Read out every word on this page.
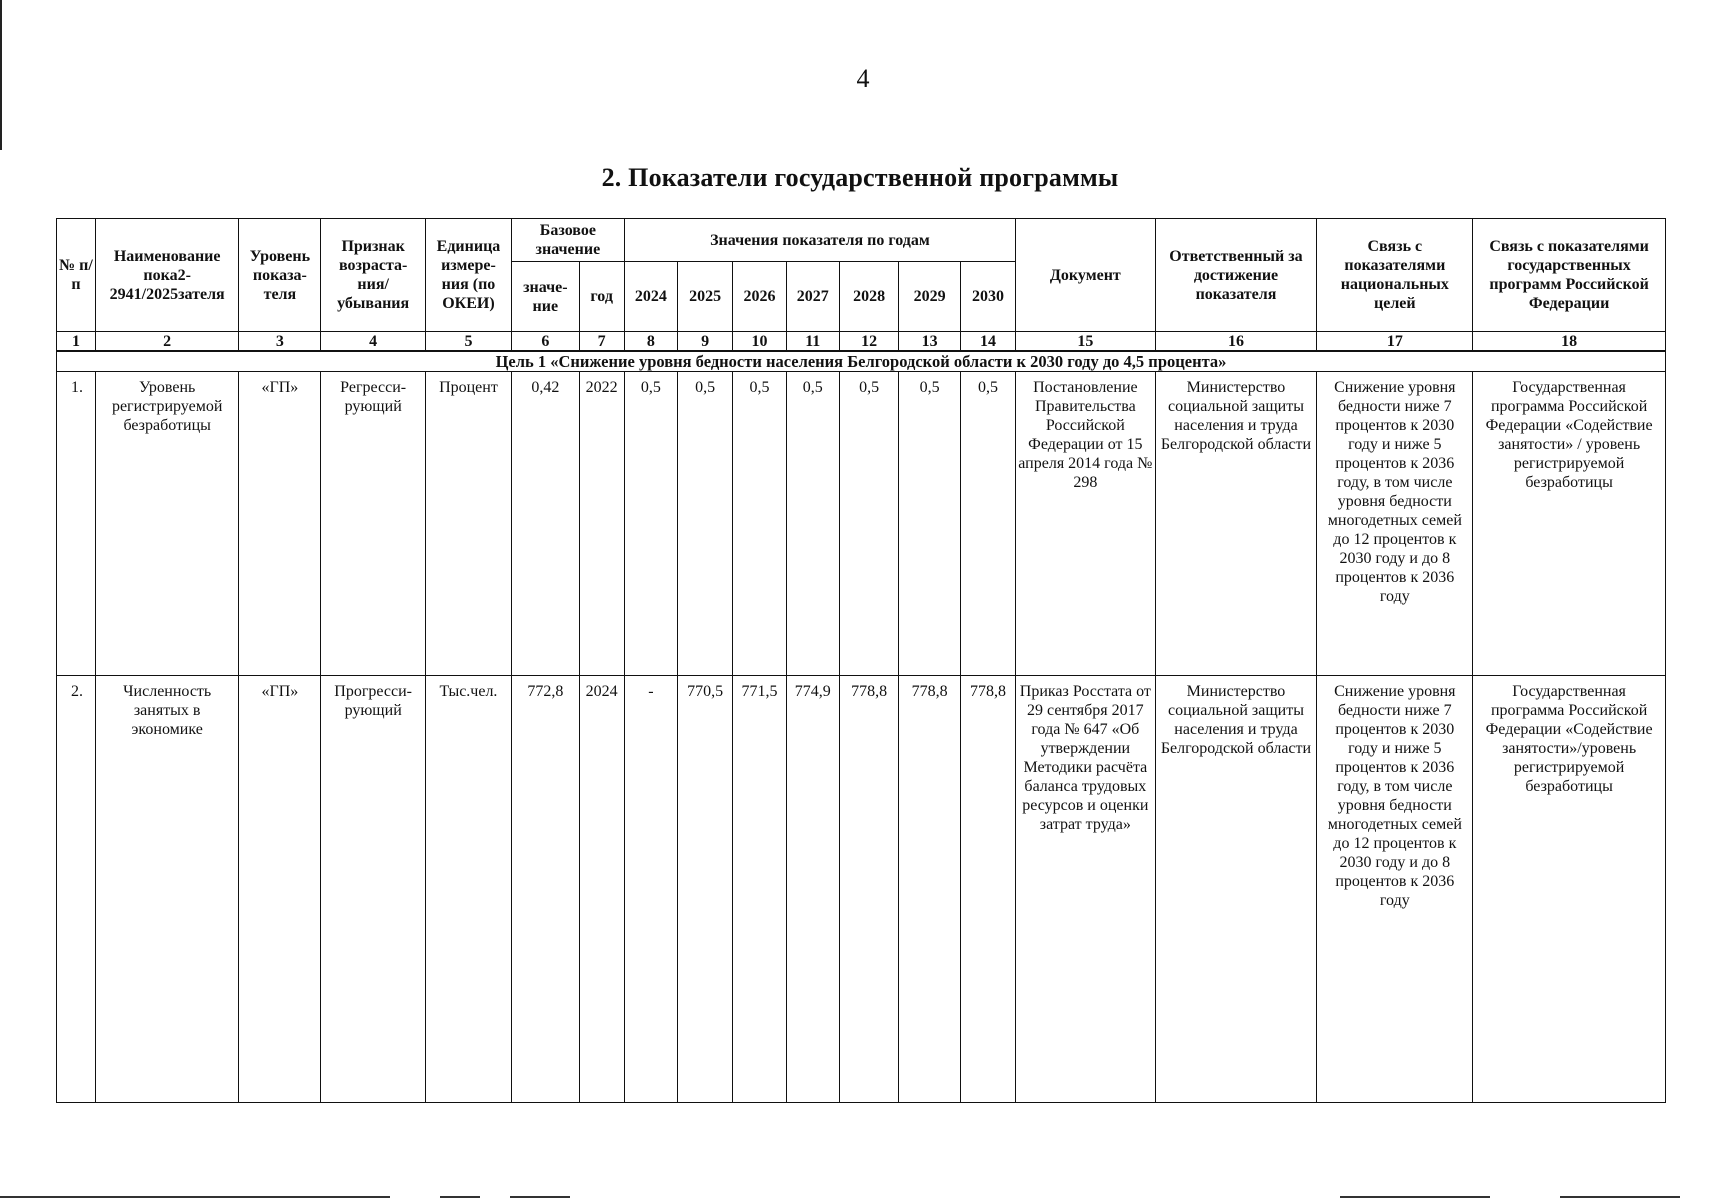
4
2. Показатели государственной программы
№ п/п	Наименование пока2-2941/2025зателя	Уровень показа-теля	Признак возраста-ния/ убывания	Единица измере-ния (по ОКЕИ)	Базовое значение		Значения показателя по годам							Документ	Ответственный за достижение показателя	Связь с показателями национальных целей	Связь с показателями государственных программ Российской Федерации
					значе-ние	год	2024	2025	2026	2027	2028	2029	2030				
1	2	3	4	5	6	7	8	9	10	11	12	13	14	15	16	17	18
Цель 1 «Снижение уровня бедности населения Белгородской области к 2030 году до 4,5 процента»																	
1.	Уровень регистрируемой безработицы	«ГП»	Регресси-рующий	Процент	0,42	2022	0,5	0,5	0,5	0,5	0,5	0,5	0,5	Постановление Правительства Российской Федерации от 15 апреля 2014 года № 298	Министерство социальной защиты населения и труда Белгородской области	Снижение уровня бедности ниже 7 процентов к 2030 году и ниже 5 процентов к 2036 году, в том числе уровня бедности многодетных семей до 12 процентов к 2030 году и до 8 процентов к 2036 году	Государственная программа Российской Федерации «Содействие занятости» / уровень регистрируемой безработицы
2.	Численность занятых в экономике	«ГП»	Прогресси-рующий	Тыс.чел.	772,8	2024	-	770,5	771,5	774,9	778,8	778,8	778,8	Приказ Росстата от 29 сентября 2017 года № 647 «Об утверждении Методики расчёта баланса трудовых ресурсов и оценки затрат труда»	Министерство социальной защиты населения и труда Белгородской области	Снижение уровня бедности ниже 7 процентов к 2030 году и ниже 5 процентов к 2036 году, в том числе уровня бедности многодетных семей до 12 процентов к 2030 году и до 8 процентов к 2036 году	Государственная программа Российской Федерации «Содействие занятости»/уровень регистрируемой безработицы
